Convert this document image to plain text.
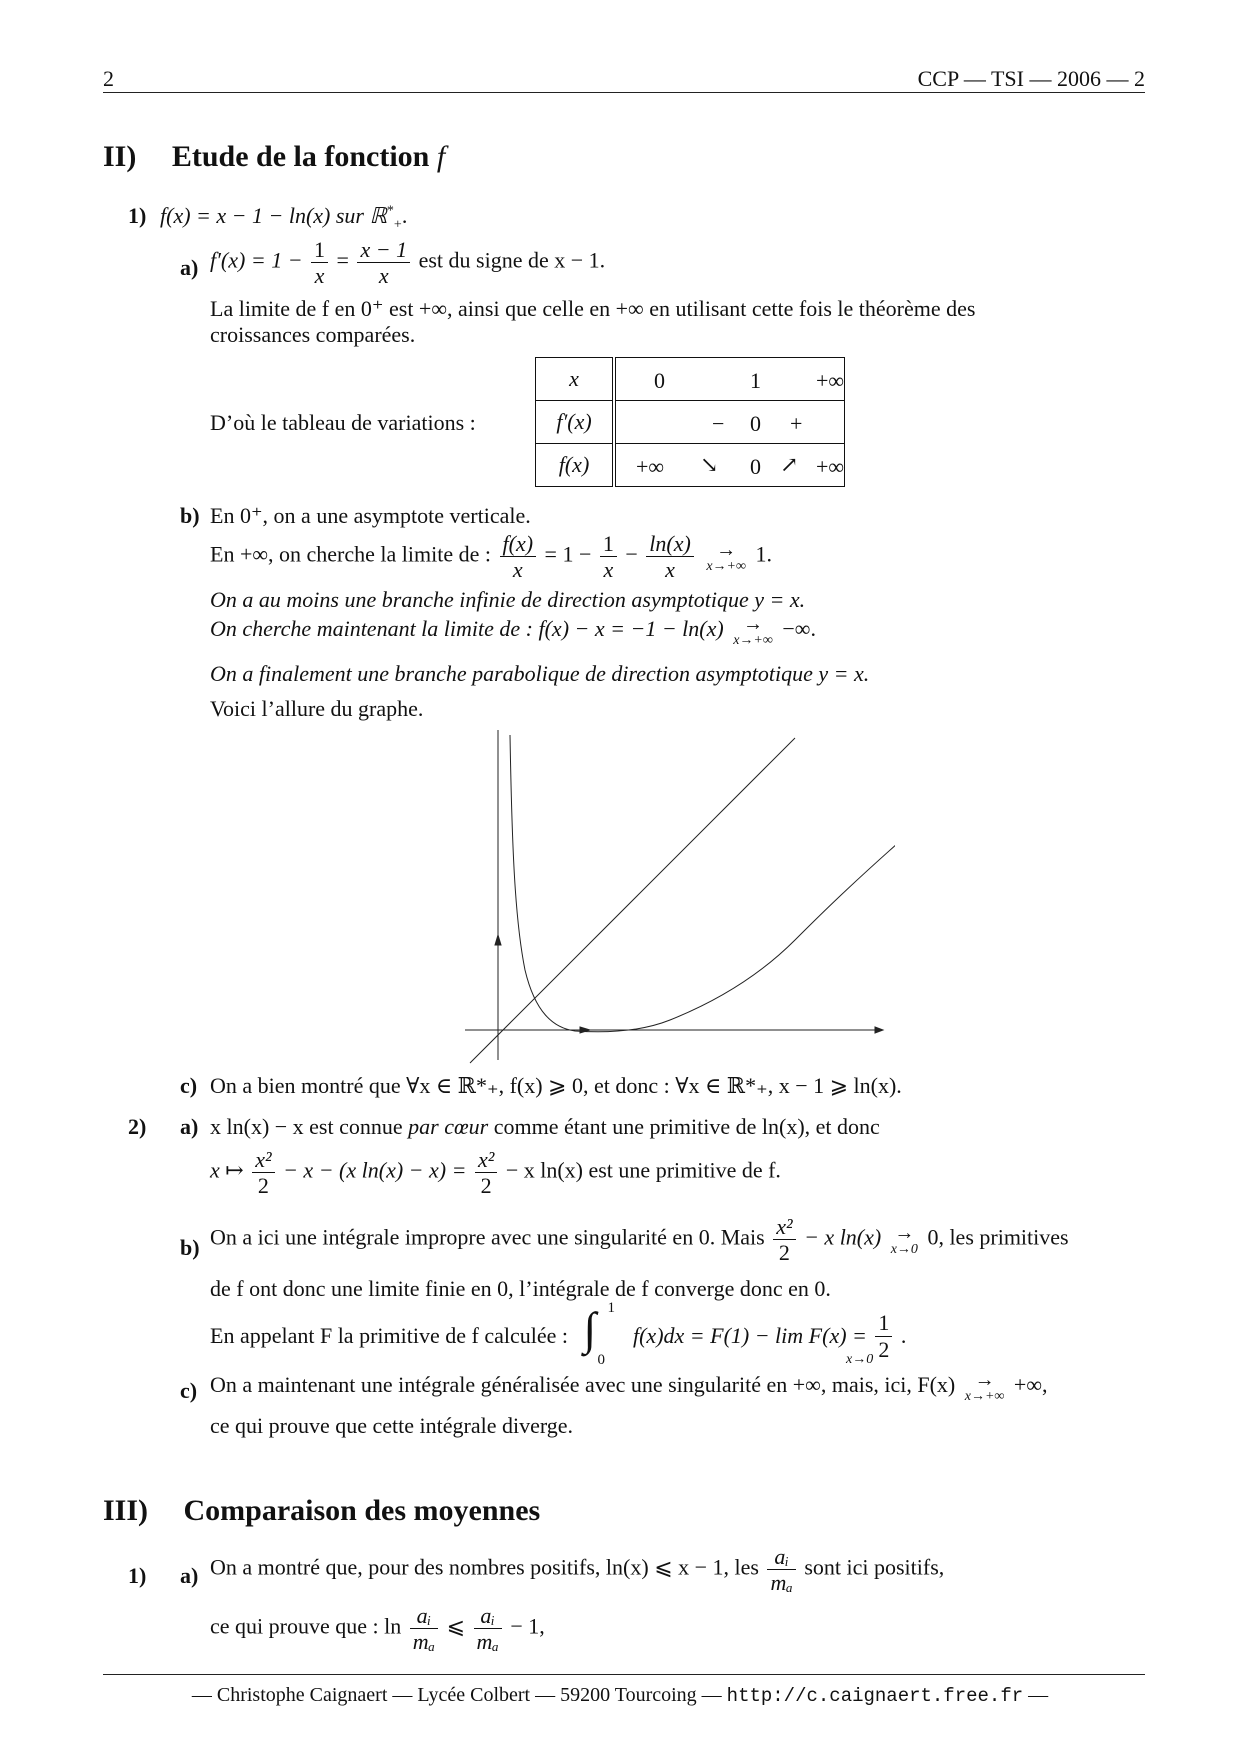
2	CCP — TSI — 2006 — 2
II) Etude de la fonction f
1) f(x) = x − 1 − ln(x) sur ℝ*$_+$.
a) $f'(x) = 1 - \frac{1}{x} = \frac{x - 1}{x}$ est du signe de x − 1.
La limite de f en 0⁺ est +∞, ainsi que celle en +∞ en utilisant cette fois le théorème des
croissances comparées.
D’où le tableau de variations :
x	0 1 +∞

f′(x)	− 0 +

f(x)	+∞ ↘ 0 ↗ +∞
b) En 0⁺, on a une asymptote verticale.
En +∞, on cherche la limite de : $\frac{f(x)}{x} = 1 - \frac{1}{x} - \frac{\ln(x)}{x}$
	→
x→+∞ 1.
On a au moins une branche infinie de direction asymptotique y = x.
On cherche maintenant la limite de : f(x) − x = −1 − ln(x) →
x→+∞ −∞.
On a finalement une branche parabolique de direction asymptotique y = x.
Voici l’allure du graphe.
c) On a bien montré que ∀x ∈ ℝ*₊, f(x) ⩾ 0, et donc : ∀x ∈ ℝ*₊, x − 1 ⩾ ln(x).
2) a) x ln(x) − x est connue par cœur comme étant une primitive de ln(x), et donc
x ↦ $\frac{\text{x²}}{2} - x - (x$ $\ln(x) - x) = \frac{\text{x²}}{2} - x$ ln(x) est une primitive de f.
b) On a ici une intégrale impropre avec une singularité en 0. Mais $\frac{\text{x²}}{2} - x$ ln(x) →
x→0 0, les primitives
de f ont donc une limite finie en 0, l’intégrale de f converge donc en 0.
En appelant F la primitive de f calculée : ∫ 1
0
$f(x)dx = F(1) - \lim F(x) = \frac{1}{2}$ .
x→0
c) On a maintenant une intégrale généralisée avec une singularité en +∞, mais, ici, F(x) →
x→+∞ +∞,
ce qui prouve que cette intégrale diverge.
III) Comparaison des moyennes
1) a) On a montré que, pour des nombres positifs, ln(x) ⩽ x − 1, les $\frac{\text{aᵢ}}{\text{mₐ}}$ sont ici positifs,
ce qui prouve que : $\ln \frac{\text{aᵢ}}{\text{mₐ}}$ ⩽ $\frac{\text{aᵢ}}{\text{mₐ}} - 1$,
— Christophe Caignaert — Lycée Colbert — 59200 Tourcoing — http://c.caignaert.free.fr —
